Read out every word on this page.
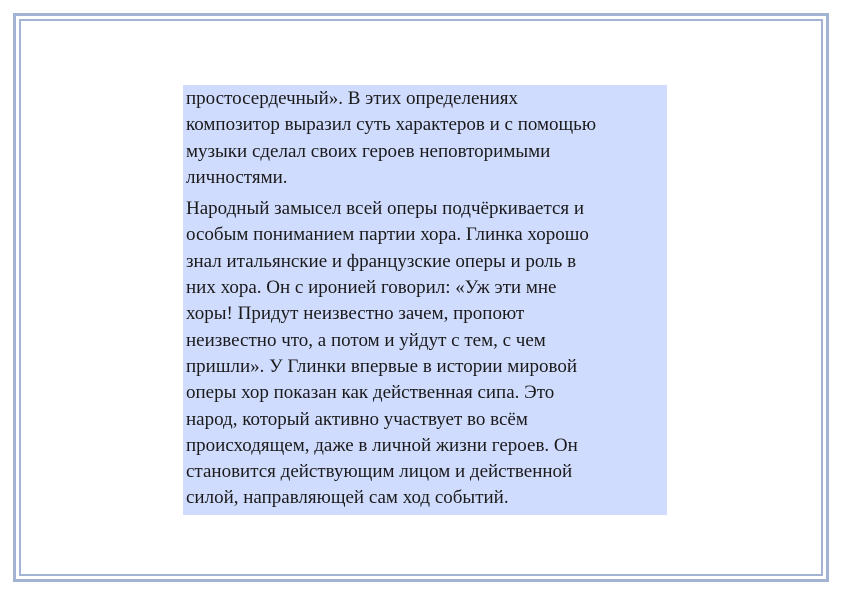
простосердечный». В этих определениях
композитор выразил суть характеров и с помощью
музыки сделал своих героев неповторимыми
личностями.

Народный замысел всей оперы подчёркивается и
особым пониманием партии хора. Глинка хорошо
знал итальянские и французские оперы и роль в
них хора. Он с иронией говорил: «Уж эти мне
хоры! Придут неизвестно зачем, пропоют
неизвестно что, а потом и уйдут с тем, с чем
пришли». У Глинки впервые в истории мировой
оперы хор показан как действенная сипа. Это
народ, который активно участвует во всём
происходящем, даже в личной жизни героев. Он
становится действующим лицом и действенной
силой, направляющей сам ход событий.
